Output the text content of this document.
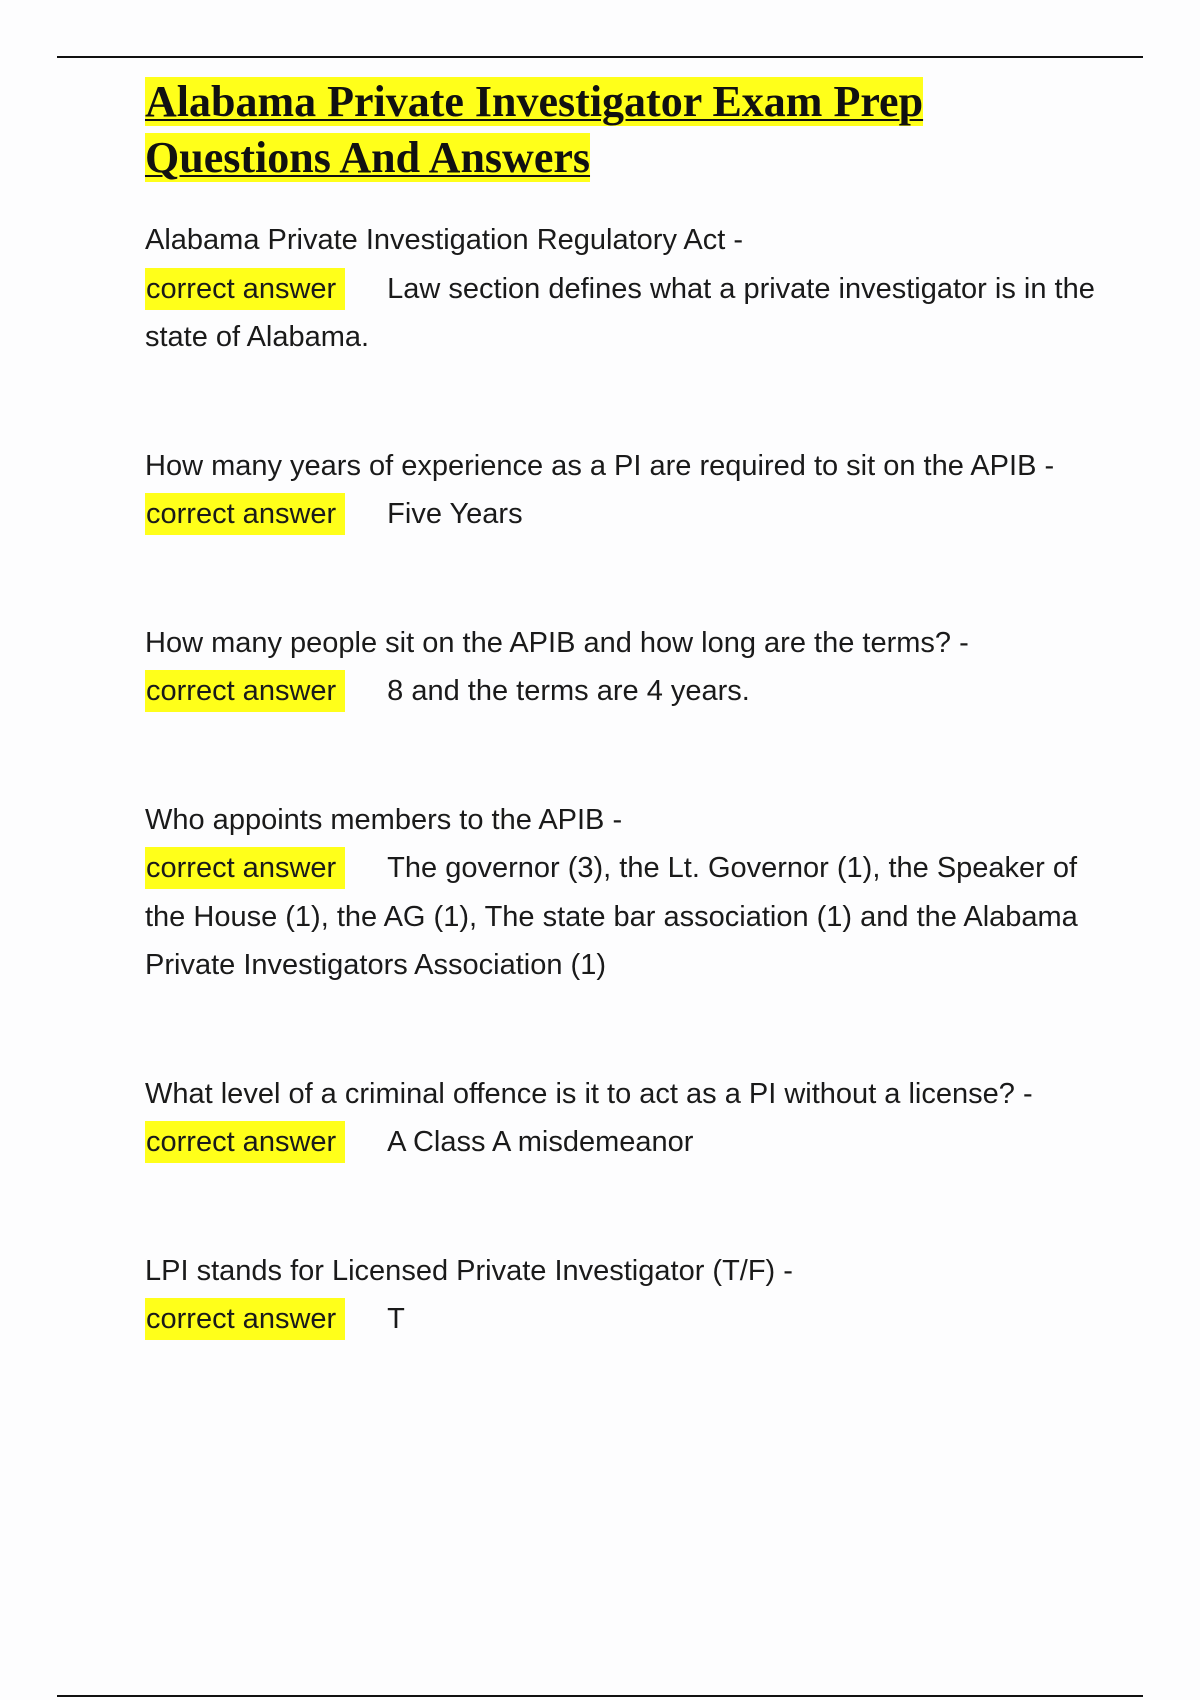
Alabama Private Investigator Exam Prep Questions And Answers
Alabama Private Investigation Regulatory Act -
correct answer Law section defines what a private investigator is in the state of Alabama.
How many years of experience as a PI are required to sit on the APIB -
correct answer Five Years
How many people sit on the APIB and how long are the terms? -
correct answer 8 and the terms are 4 years.
Who appoints members to the APIB -
correct answer The governor (3), the Lt. Governor (1), the Speaker of the House (1), the AG (1), The state bar association (1) and the Alabama Private Investigators Association (1)
What level of a criminal offence is it to act as a PI without a license? -
correct answer A Class A misdemeanor
LPI stands for Licensed Private Investigator (T/F) -
correct answer T
